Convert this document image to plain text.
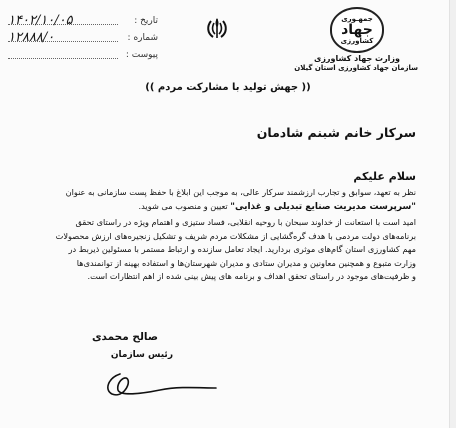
تاریخ :
۱۴۰۲/۱۰/۰۵
شماره :
۱۲۸۸۸/۰
پیوست :
جمهـوری
جهاد
کشاورزی
وزارت جهاد کشاورزی
سازمان جهاد کشاورزی استان گیلان
(( جهش تولید با مشارکت مردم ))
سرکار خانم شبنم شادمان
سلام علیکم

نظر به تعهد، سوابق و تجارب ارزشمند سرکار عالی، به موجب این ابلاغ با حفظ پست سازمانی به عنوان

"سرپرست مدیریت صنایع تبدیلی و غذایی" تعیین و منصوب می شوید.

امید است با استعانت از خداوند سبحان با روحیه انقلابی، فساد ستیزی و اهتمام ویژه در راستای تحقق

برنامه‌های دولت مردمی با هدف گره‌گشایی از مشکلات مردم شریف و تشکیل زنجیره‌های ارزش محصولات

مهم کشاورزی استان گام‌های موثری بردارید. ایجاد تعامل سازنده و ارتباط مستمر با مسئولین ذیربط در

وزارت متبوع و همچنین معاونین و مدیران ستادی و مدیران شهرستان‌ها و استفاده بهینه از توانمندی‌ها

و ظرفیت‌های موجود در راستای تحقق اهداف و برنامه های پیش بینی شده از اهم انتظارات است.

صالح محمدی
رئیس سازمان
